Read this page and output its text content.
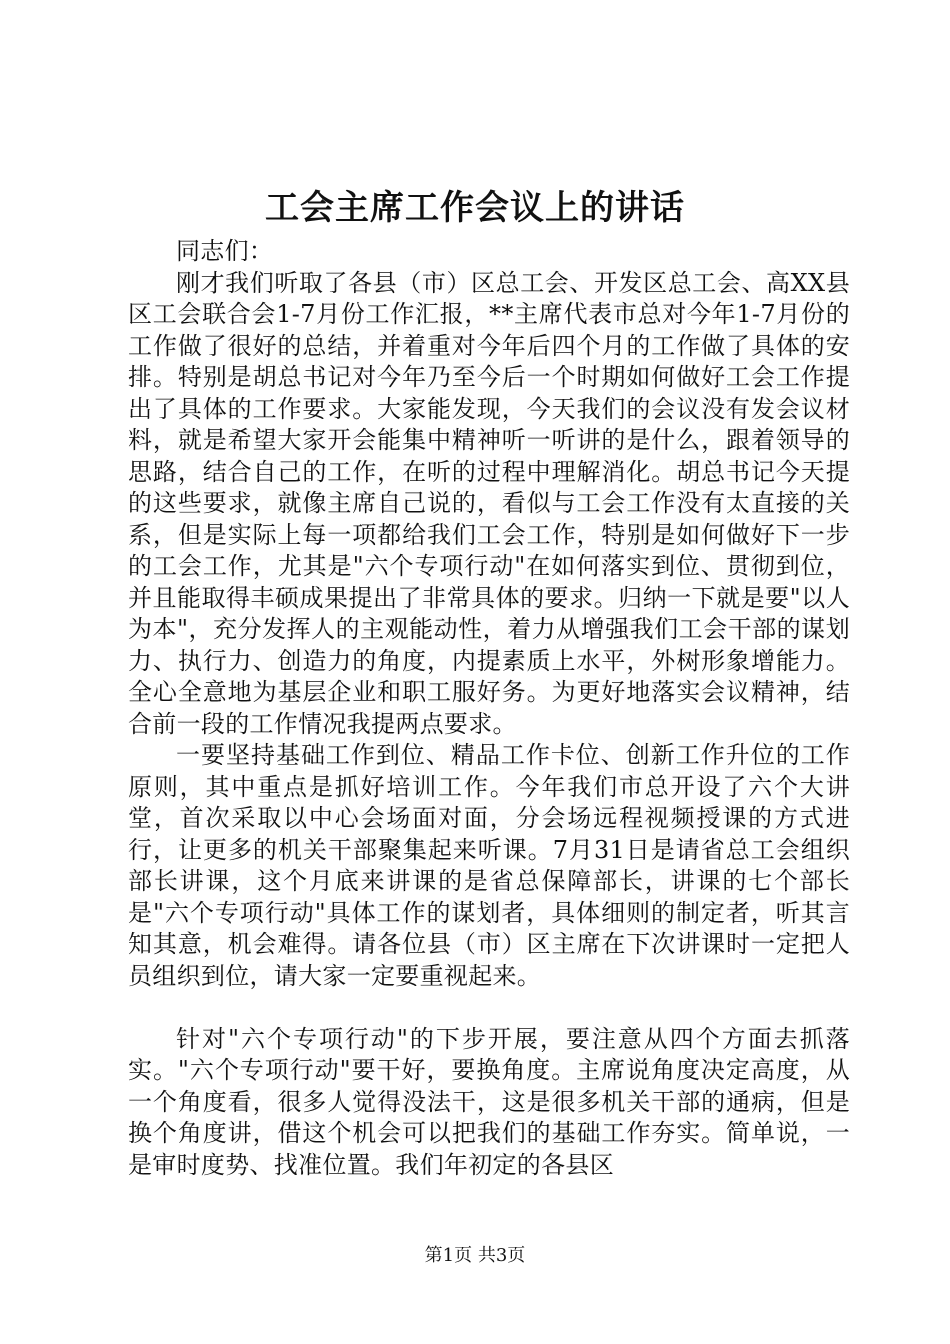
工会主席工作会议上的讲话

同志们：

刚才我们听取了各县（市）区总工会、开发区总工会、高XX县区工会联合会1-7月份工作汇报，**主席代表市总对今年1-7月份的工作做了很好的总结，并着重对今年后四个月的工作做了具体的安排。特别是胡总书记对今年乃至今后一个时期如何做好工会工作提出了具体的工作要求。大家能发现，今天我们的会议没有发会议材料，就是希望大家开会能集中精神听一听讲的是什么，跟着领导的思路，结合自己的工作，在听的过程中理解消化。胡总书记今天提的这些要求，就像主席自己说的，看似与工会工作没有太直接的关系，但是实际上每一项都给我们工会工作，特别是如何做好下一步的工会工作，尤其是"六个专项行动"在如何落实到位、贯彻到位，并且能取得丰硕成果提出了非常具体的要求。归纳一下就是要"以人为本"，充分发挥人的主观能动性，着力从增强我们工会干部的谋划力、执行力、创造力的角度，内提素质上水平，外树形象增能力。全心全意地为基层企业和职工服好务。为更好地落实会议精神，结合前一段的工作情况我提两点要求。

一要坚持基础工作到位、精品工作卡位、创新工作升位的工作原则，其中重点是抓好培训工作。今年我们市总开设了六个大讲堂，首次采取以中心会场面对面，分会场远程视频授课的方式进行，让更多的机关干部聚集起来听课。7月31日是请省总工会组织部长讲课，这个月底来讲课的是省总保障部长，讲课的七个部长是"六个专项行动"具体工作的谋划者，具体细则的制定者，听其言知其意，机会难得。请各位县（市）区主席在下次讲课时一定把人员组织到位，请大家一定要重视起来。

针对"六个专项行动"的下步开展，要注意从四个方面去抓落实。"六个专项行动"要干好，要换角度。主席说角度决定高度，从一个角度看，很多人觉得没法干，这是很多机关干部的通病，但是换个角度讲，借这个机会可以把我们的基础工作夯实。简单说，一是审时度势、找准位置。我们年初定的各县区

第1页 共3页
